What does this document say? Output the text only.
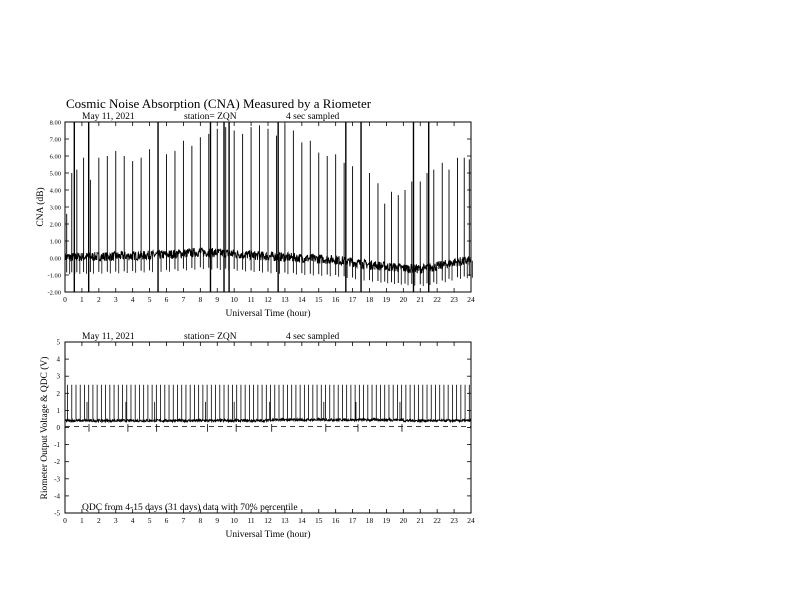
Cosmic Noise Absorption (CNA) Measured by a Riometer
May 11, 2021	station= ZQN	4 sec sampled
0 1 2 3 4 5 6 7 8 9 10 11 12 13 14 15 16 17 18 19 20 21 22 23 24
-2.00
-1.00
0.00
1.00
2.00
3.00
4.00
5.00
6.00
7.00
8.00
Universal Time (hour)
CNA (dB)
May 11, 2021	station= ZQN	4 sec sampled
0 1 2 3 4 5 6 7 8 9 10 11 12 13 14 15 16 17 18 19 20 21 22 23 24
-5
-4
-3
-2
-1
0
1
2
3
4
5
QDC from 4-15 days (31 days) data with 70% percentile
Universal Time (hour)
Riometer Output Voltage & QDC (V)
